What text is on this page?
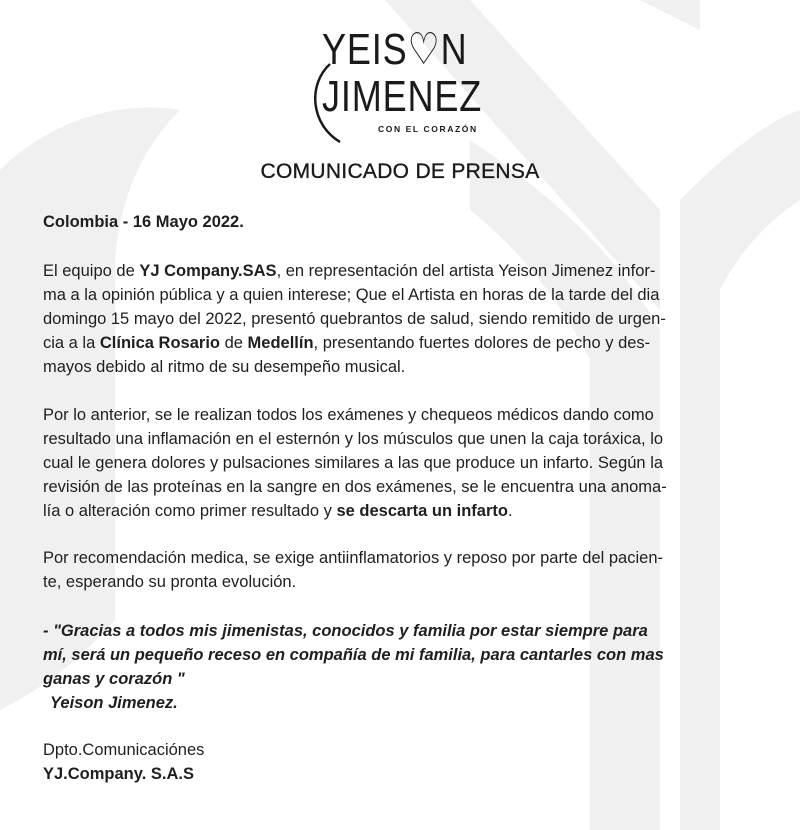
YEIS♡N
JIMENEZ
CON EL CORAZÓN
COMUNICADO DE PRENSA
Colombia - 16 Mayo 2022.
El equipo de YJ Company.SAS, en representación del artista Yeison Jimenez infor-
ma a la opinión pública y a quien interese; Que el Artista en horas de la tarde del dia
domingo 15 mayo del 2022, presentó quebrantos de salud, siendo remitido de urgen-
cia a la Clínica Rosario de Medellín, presentando fuertes dolores de pecho y des-
mayos debido al ritmo de su desempeño musical.
Por lo anterior, se le realizan todos los exámenes y chequeos médicos dando como
resultado una inflamación en el esternón y los músculos que unen la caja toráxica, lo
cual le genera dolores y pulsaciones similares a las que produce un infarto. Según la
revisión de las proteínas en la sangre en dos exámenes, se le encuentra una anoma-
lía o alteración como primer resultado y se descarta un infarto.
Por recomendación medica, se exige antiinflamatorios y reposo por parte del pacien-
te, esperando su pronta evolución.
- "Gracias a todos mis jimenistas, conocidos y familia por estar siempre para
mí, será un pequeño receso en compañía de mi familia, para cantarles con mas
ganas y corazón "
Yeison Jimenez.
Dpto.Comunicaciónes
YJ.Company. S.A.S
